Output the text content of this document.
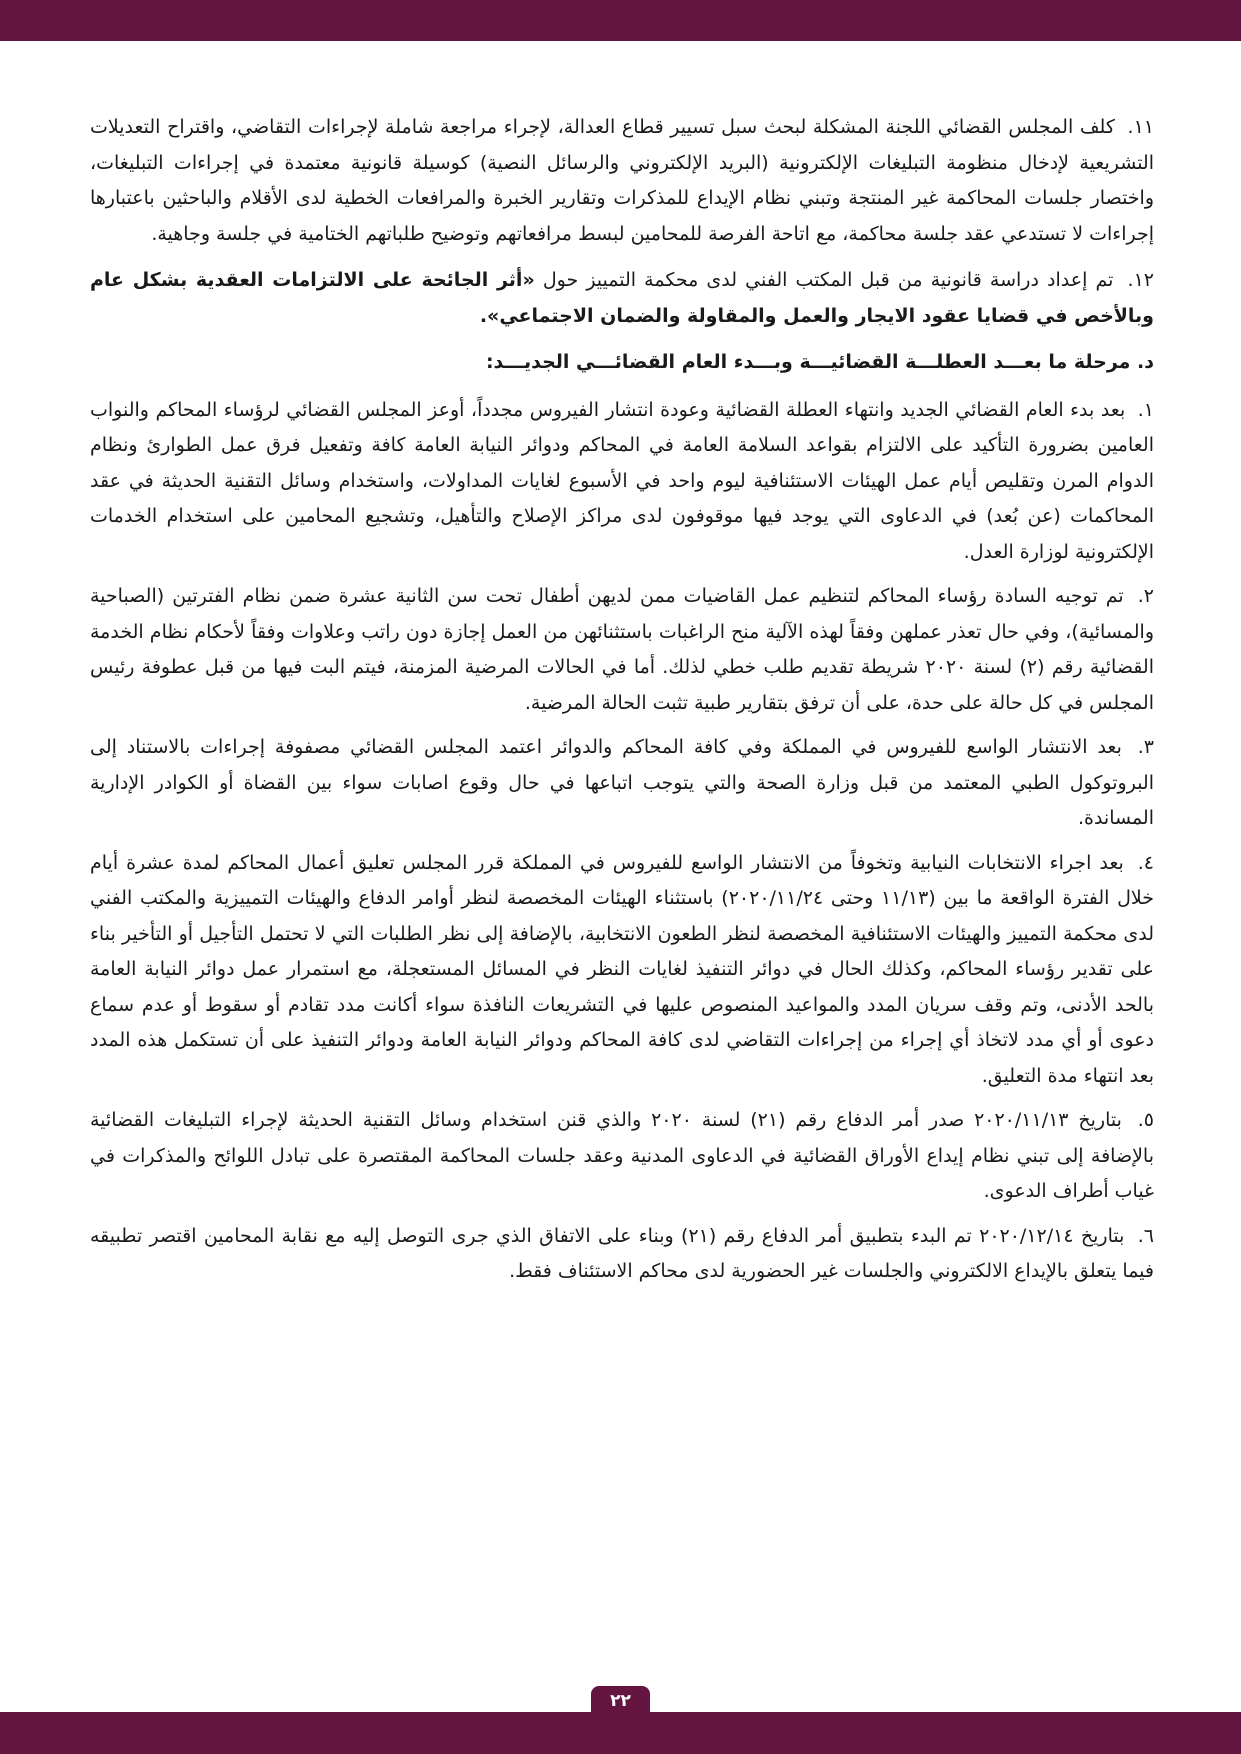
١١. كلف المجلس القضائي اللجنة المشكلة لبحث سبل تسيير قطاع العدالة، لإجراء مراجعة شاملة لإجراءات التقاضي، واقتراح التعديلات التشريعية لإدخال منظومة التبليغات الإلكترونية (البريد الإلكتروني والرسائل النصية) كوسيلة قانونية معتمدة في إجراءات التبليغات، واختصار جلسات المحاكمة غير المنتجة وتبني نظام الإيداع للمذكرات وتقارير الخبرة والمرافعات الخطية لدى الأقلام والباحثين باعتبارها إجراءات لا تستدعي عقد جلسة محاكمة، مع اتاحة الفرصة للمحامين لبسط مرافعاتهم وتوضيح طلباتهم الختامية في جلسة وجاهية.

١٢. تم إعداد دراسة قانونية من قبل المكتب الفني لدى محكمة التمييز حول «أثر الجائحة على الالتزامات العقدية بشكل عام وبالأخص في قضايا عقود الايجار والعمل والمقاولة والضمان الاجتماعي».

د. مرحلة ما بعـــد العطلـــة القضائيـــة وبـــدء العام القضائـــي الجديـــد:

١. بعد بدء العام القضائي الجديد وانتهاء العطلة القضائية وعودة انتشار الفيروس مجدداً، أوعز المجلس القضائي لرؤساء المحاكم والنواب العامين بضرورة التأكيد على الالتزام بقواعد السلامة العامة في المحاكم ودوائر النيابة العامة كافة وتفعيل فرق عمل الطوارئ ونظام الدوام المرن وتقليص أيام عمل الهيئات الاستئنافية ليوم واحد في الأسبوع لغايات المداولات، واستخدام وسائل التقنية الحديثة في عقد المحاكمات (عن بُعد) في الدعاوى التي يوجد فيها موقوفون لدى مراكز الإصلاح والتأهيل، وتشجيع المحامين على استخدام الخدمات الإلكترونية لوزارة العدل.

٢. تم توجيه السادة رؤساء المحاكم لتنظيم عمل القاضيات ممن لديهن أطفال تحت سن الثانية عشرة ضمن نظام الفترتين (الصباحية والمسائية)، وفي حال تعذر عملهن وفقاً لهذه الآلية منح الراغبات باستثنائهن من العمل إجازة دون راتب وعلاوات وفقاً لأحكام نظام الخدمة القضائية رقم (٢) لسنة ٢٠٢٠ شريطة تقديم طلب خطي لذلك. أما في الحالات المرضية المزمنة، فيتم البت فيها من قبل عطوفة رئيس المجلس في كل حالة على حدة، على أن ترفق بتقارير طبية تثبت الحالة المرضية.

٣. بعد الانتشار الواسع للفيروس في المملكة وفي كافة المحاكم والدوائر اعتمد المجلس القضائي مصفوفة إجراءات بالاستناد إلى البروتوكول الطبي المعتمد من قبل وزارة الصحة والتي يتوجب اتباعها في حال وقوع اصابات سواء بين القضاة أو الكوادر الإدارية المساندة.

٤. بعد اجراء الانتخابات النيابية وتخوفاً من الانتشار الواسع للفيروس في المملكة قرر المجلس تعليق أعمال المحاكم لمدة عشرة أيام خلال الفترة الواقعة ما بين (١١/١٣ وحتى ٢٠٢٠/١١/٢٤) باستثناء الهيئات المخصصة لنظر أوامر الدفاع والهيئات التمييزية والمكتب الفني لدى محكمة التمييز والهيئات الاستئنافية المخصصة لنظر الطعون الانتخابية، بالإضافة إلى نظر الطلبات التي لا تحتمل التأجيل أو التأخير بناء على تقدير رؤساء المحاكم، وكذلك الحال في دوائر التنفيذ لغايات النظر في المسائل المستعجلة، مع استمرار عمل دوائر النيابة العامة بالحد الأدنى، وتم وقف سريان المدد والمواعيد المنصوص عليها في التشريعات النافذة سواء أكانت مدد تقادم أو سقوط أو عدم سماع دعوى أو أي مدد لاتخاذ أي إجراء من إجراءات التقاضي لدى كافة المحاكم ودوائر النيابة العامة ودوائر التنفيذ على أن تستكمل هذه المدد بعد انتهاء مدة التعليق.

٥. بتاريخ ٢٠٢٠/١١/١٣ صدر أمر الدفاع رقم (٢١) لسنة ٢٠٢٠ والذي قنن استخدام وسائل التقنية الحديثة لإجراء التبليغات القضائية بالإضافة إلى تبني نظام إيداع الأوراق القضائية في الدعاوى المدنية وعقد جلسات المحاكمة المقتصرة على تبادل اللوائح والمذكرات في غياب أطراف الدعوى.

٦. بتاريخ ٢٠٢٠/١٢/١٤ تم البدء بتطبيق أمر الدفاع رقم (٢١) وبناء على الاتفاق الذي جرى التوصل إليه مع نقابة المحامين اقتصر تطبيقه فيما يتعلق بالإيداع الالكتروني والجلسات غير الحضورية لدى محاكم الاستئناف فقط.

٢٢
